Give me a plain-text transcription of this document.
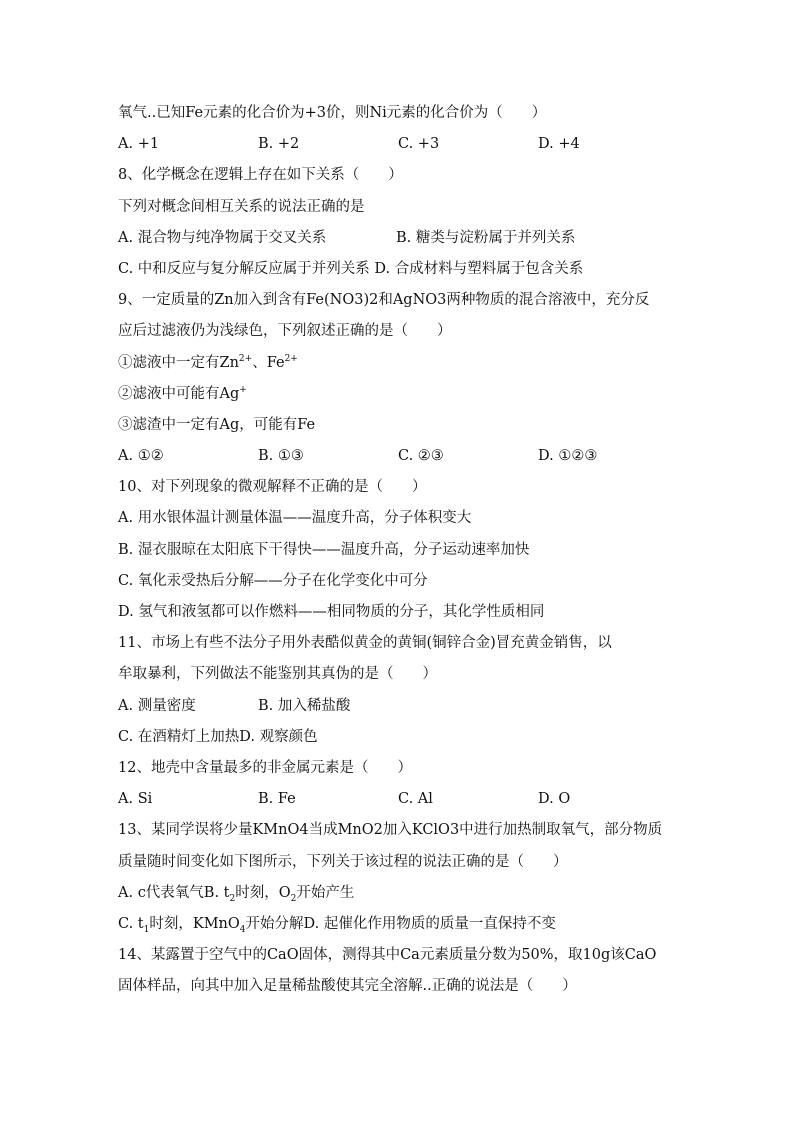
氧气..已知Fe元素的化合价为+3价，则Ni元素的化合价为（　　）
A. +1	B. +2	C. +3	D. +4
8、化学概念在逻辑上存在如下关系（　　）
下列对概念间相互关系的说法正确的是
A. 混合物与纯净物属于交叉关系	B. 糖类与淀粉属于并列关系
C. 中和反应与复分解反应属于并列关系 D. 合成材料与塑料属于包含关系
9、一定质量的Zn加入到含有Fe(NO3)2和AgNO3两种物质的混合溶液中，充分反
应后过滤液仍为浅绿色，下列叙述正确的是（　　）
①滤液中一定有$Zn^{2+}$、$Fe^{2+}$
②滤液中可能有Ag+
③滤渣中一定有Ag，可能有Fe
A. ①②	B. ①③	C. ②③	D. ①②③
10、对下列现象的微观解释不正确的是（　　）
A. 用水银体温计测量体温——温度升高，分子体积变大
B. 湿衣服晾在太阳底下干得快——温度升高，分子运动速率加快
C. 氧化汞受热后分解——分子在化学变化中可分
D. 氢气和液氢都可以作燃料——相同物质的分子，其化学性质相同
11、市场上有些不法分子用外表酷似黄金的黄铜(铜锌合金)冒充黄金销售，以
牟取暴利，下列做法不能鉴别其真伪的是（　　）
A. 测量密度	B. 加入稀盐酸
C. 在酒精灯上加热D. 观察颜色
12、地壳中含量最多的非金属元素是（　　）
A. Si	B. Fe	C. Al	D. O
13、某同学误将少量KMnO4当成MnO2加入KClO3中进行加热制取氧气，部分物质
质量随时间变化如下图所示，下列关于该过程的说法正确的是（　　）
A. c代表氧气B. $t_2$时刻，$O_2$开始产生
C. $t_1$时刻，KMnO$_4$开始分解D. 起催化作用物质的质量一直保持不变
14、某露置于空气中的CaO固体，测得其中Ca元素质量分数为50%，取10g该CaO
固体样品，向其中加入足量稀盐酸使其完全溶解..正确的说法是（　　）
